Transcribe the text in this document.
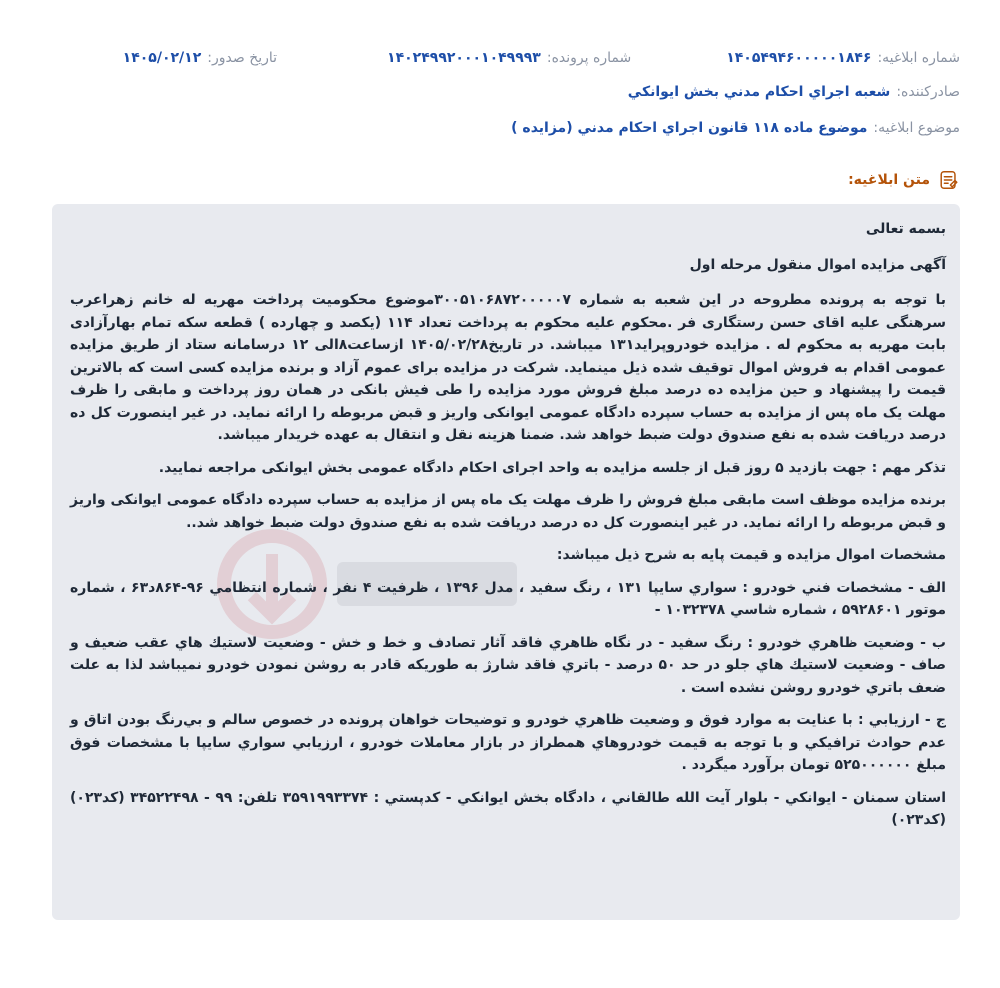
شماره ابلاغیه:
۱۴۰۵۴۹۴۶۰۰۰۰۰۱۸۴۶
شماره پرونده:
۱۴۰۲۴۹۹۲۰۰۰۱۰۴۹۹۹۳
تاریخ صدور:
۱۴۰۵/۰۲/۱۲
صادرکننده:
شعبه اجراي احكام مدني بخش ايوانكي
موضوع ابلاغیه:
موضوع ماده ۱۱۸ قانون اجراي احكام مدني (مزايده )
متن ابلاغیه:

بسمه تعالی

آگهی مزایده اموال منقول مرحله اول

با توجه به پرونده مطروحه در این شعبه به شماره ۳۰۰۵۱۰۶۸۷۲۰۰۰۰۰۷موضوع محکومیت پرداخت مهریه له خانم زهراعرب سرهنگی علیه اقای حسن رستگاری فر .محکوم علیه محکوم به پرداخت تعداد ۱۱۴ (یکصد و چهارده ) قطعه سکه تمام بهارآزادی بابت مهریه به محکوم له . مزایده خودروپراید۱۳۱ میباشد. در تاریخ۱۴۰۵/۰۲/۲۸ ازساعت۸الی ۱۲ درسامانه ستاد از طریق مزایده عمومی اقدام به فروش اموال توقیف شده ذیل مینماید. شرکت در مزایده برای عموم آزاد و برنده مزایده کسی است که بالاترین قیمت را پیشنهاد و حین مزایده ده درصد مبلغ فروش مورد مزایده را طی فیش بانکی در همان روز پرداخت و مابقی را ظرف مهلت یک ماه پس از مزایده به حساب سپرده دادگاه عمومی ایوانکی واریز و قبض مربوطه را ارائه نماید. در غیر اینصورت کل ده درصد دریافت شده به نفع صندوق دولت ضبط خواهد شد. ضمنا هزینه نقل و انتقال به عهده خریدار میباشد.

تذکر مهم : جهت بازدید ۵ روز قبل از جلسه مزایده به واحد اجرای احکام دادگاه عمومی بخش ایوانکی مراجعه نمایید.

برنده مزایده موظف است مابقی مبلغ فروش را ظرف مهلت یک ماه پس از مزایده به حساب سپرده دادگاه عمومی ایوانکی واریز و قبض مربوطه را ارائه نماید. در غیر اینصورت کل ده درصد دریافت شده به نفع صندوق دولت ضبط خواهد شد..

مشخصات اموال مزایده و قیمت پایه به شرح ذیل میباشد:

الف - مشخصات فني خودرو : سواري سايپا ۱۳۱ ، رنگ سفيد ، مدل ۱۳۹۶ ، ظرفيت ۴ نفر ، شماره انتظامي ۹۶-۸۶۴د۶۳ ، شماره موتور ۵۹۲۸۶۰۱ ، شماره شاسي ۱۰۳۲۳۷۸ -

ب - وضعيت ظاهري خودرو : رنگ سفيد - در نگاه ظاهري فاقد آثار تصادف و خط و خش - وضعيت لاستيك هاي عقب ضعيف و صاف - وضعيت لاستيك هاي جلو در حد ۵۰ درصد - باتري فاقد شارژ به طوريكه قادر به روشن نمودن خودرو نميباشد لذا به علت ضعف باتري خودرو روشن نشده است .

ج - ارزيابي : با عنايت به موارد فوق و وضعيت ظاهري خودرو و توضيحات خواهان پرونده در خصوص سالم و بي‌رنگ بودن اتاق و عدم حوادث ترافيكي و با توجه به قيمت خودروهاي همطراز در بازار معاملات خودرو ، ارزيابي سواري سايپا با مشخصات فوق مبلغ ۵۲۵۰۰۰۰۰۰ تومان برآورد ميگردد .

استان سمنان - ايوانكي - بلوار آيت الله طالقاني ، دادگاه بخش ايوانكي - كدپستي : ۳۵۹۱۹۹۳۳۷۴ تلفن: ۹۹ - ۳۴۵۲۲۴۹۸ (كد۰۲۳) (كد۰۲۳)
